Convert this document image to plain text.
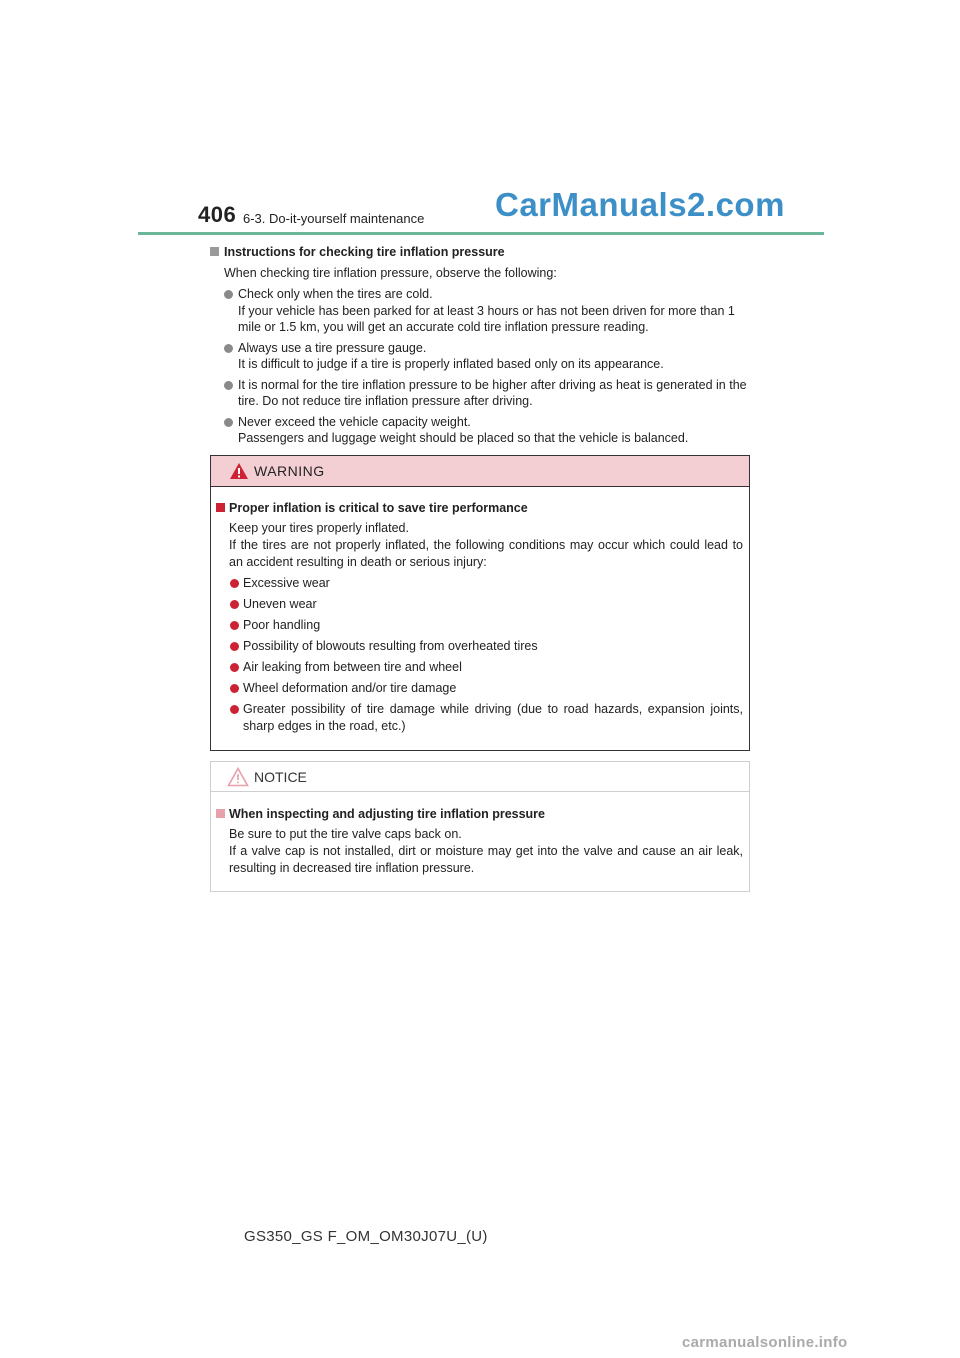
406 6-3. Do-it-yourself maintenance CarManuals2.com

Instructions for checking tire inflation pressure

When checking tire inflation pressure, observe the following:

Check only when the tires are cold.

If your vehicle has been parked for at least 3 hours or has not been driven for more than 1 mile or 1.5 km, you will get an accurate cold tire inflation pressure reading.

Always use a tire pressure gauge.

It is difficult to judge if a tire is properly inflated based only on its appearance.

It is normal for the tire inflation pressure to be higher after driving as heat is generated in the tire. Do not reduce tire inflation pressure after driving.

Never exceed the vehicle capacity weight.

Passengers and luggage weight should be placed so that the vehicle is balanced.

WARNING

Proper inflation is critical to save tire performance

Keep your tires properly inflated.
If the tires are not properly inflated, the following conditions may occur which could lead to an accident resulting in death or serious injury:

Excessive wear

Uneven wear

Poor handling

Possibility of blowouts resulting from overheated tires

Air leaking from between tire and wheel

Wheel deformation and/or tire damage

Greater possibility of tire damage while driving (due to road hazards, expansion joints, sharp edges in the road, etc.)

NOTICE

When inspecting and adjusting tire inflation pressure

Be sure to put the tire valve caps back on.
If a valve cap is not installed, dirt or moisture may get into the valve and cause an air leak, resulting in decreased tire inflation pressure.

GS350_GS F_OM_OM30J07U_(U)
carmanualsonline.info
